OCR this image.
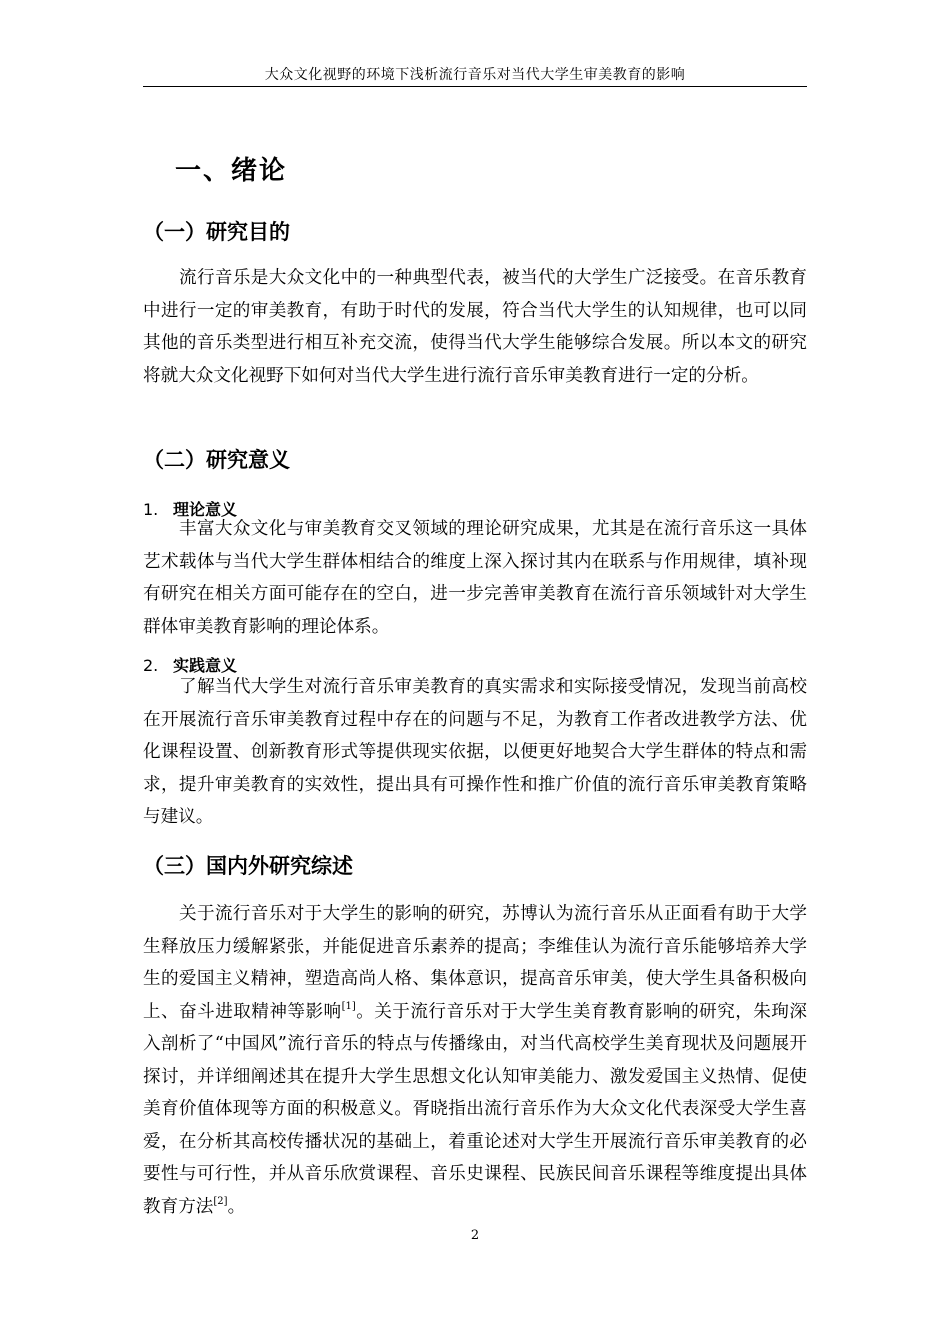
大众文化视野的环境下浅析流行音乐对当代大学生审美教育的影响
一、绪论
（一）研究目的

流行音乐是大众文化中的一种典型代表，被当代的大学生广泛接受。在音乐教育中进行一定的审美教育，有助于时代的发展，符合当代大学生的认知规律，也可以同其他的音乐类型进行相互补充交流，使得当代大学生能够综合发展。所以本文的研究将就大众文化视野下如何对当代大学生进行流行音乐审美教育进行一定的分析。

（二）研究意义
1. 理论意义

丰富大众文化与审美教育交叉领域的理论研究成果，尤其是在流行音乐这一具体艺术载体与当代大学生群体相结合的维度上深入探讨其内在联系与作用规律，填补现有研究在相关方面可能存在的空白，进一步完善审美教育在流行音乐领域针对大学生群体审美教育影响的理论体系。

2. 实践意义

了解当代大学生对流行音乐审美教育的真实需求和实际接受情况，发现当前高校在开展流行音乐审美教育过程中存在的问题与不足，为教育工作者改进教学方法、优化课程设置、创新教育形式等提供现实依据，以便更好地契合大学生群体的特点和需求，提升审美教育的实效性，提出具有可操作性和推广价值的流行音乐审美教育策略与建议。

（三）国内外研究综述

关于流行音乐对于大学生的影响的研究，苏博认为流行音乐从正面看有助于大学生释放压力缓解紧张，并能促进音乐素养的提高；李维佳认为流行音乐能够培养大学生的爱国主义精神，塑造高尚人格、集体意识，提高音乐审美，使大学生具备积极向上、奋斗进取精神等影响[1]。关于流行音乐对于大学生美育教育影响的研究，朱珣深入剖析了“中国风”流行音乐的特点与传播缘由，对当代高校学生美育现状及问题展开探讨，并详细阐述其在提升大学生思想文化认知审美能力、激发爱国主义热情、促使美育价值体现等方面的积极意义。胥晓指出流行音乐作为大众文化代表深受大学生喜爱，在分析其高校传播状况的基础上，着重论述对大学生开展流行音乐审美教育的必要性与可行性，并从音乐欣赏课程、音乐史课程、民族民间音乐课程等维度提出具体教育方法[2]。

2
